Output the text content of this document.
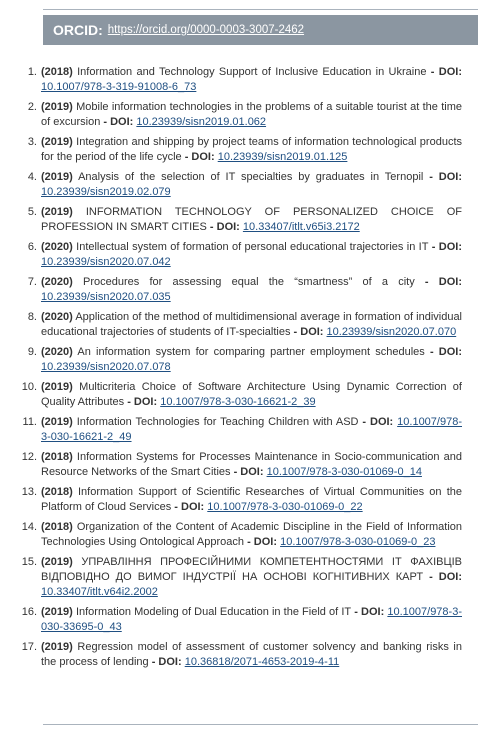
ORCID: https://orcid.org/0000-0003-3007-2462
1. (2018) Information and Technology Support of Inclusive Education in Ukraine - DOI: 10.1007/978-3-319-91008-6_73
2. (2019) Mobile information technologies in the problems of a suitable tourist at the time of excursion - DOI: 10.23939/sisn2019.01.062
3. (2019) Integration and shipping by project teams of information technological products for the period of the life cycle - DOI: 10.23939/sisn2019.01.125
4. (2019) Analysis of the selection of IT specialties by graduates in Ternopil - DOI: 10.23939/sisn2019.02.079
5. (2019) INFORMATION TECHNOLOGY OF PERSONALIZED CHOICE OF PROFESSION IN SMART CITIES - DOI: 10.33407/itlt.v65i3.2172
6. (2020) Intellectual system of formation of personal educational trajectories in IT - DOI: 10.23939/sisn2020.07.042
7. (2020) Procedures for assessing equal the “smartness” of a city - DOI: 10.23939/sisn2020.07.035
8. (2020) Application of the method of multidimensional average in formation of individual educational trajectories of students of IT-specialties - DOI: 10.23939/sisn2020.07.070
9. (2020) An information system for comparing partner employment schedules - DOI: 10.23939/sisn2020.07.078
10. (2019) Multicriteria Choice of Software Architecture Using Dynamic Correction of Quality Attributes - DOI: 10.1007/978-3-030-16621-2_39
11. (2019) Information Technologies for Teaching Children with ASD - DOI: 10.1007/978-3-030-16621-2_49
12. (2018) Information Systems for Processes Maintenance in Socio-communication and Resource Networks of the Smart Cities - DOI: 10.1007/978-3-030-01069-0_14
13. (2018) Information Support of Scientific Researches of Virtual Communities on the Platform of Cloud Services - DOI: 10.1007/978-3-030-01069-0_22
14. (2018) Organization of the Content of Academic Discipline in the Field of Information Technologies Using Ontological Approach - DOI: 10.1007/978-3-030-01069-0_23
15. (2019) УПРАВЛІННЯ ПРОФЕСІЙНИМИ КОМПЕТЕНТНОСТЯМИ ІТ ФАХІВЦІВ ВІДПОВІДНО ДО ВИМОГ ІНДУСТРІЇ НА ОСНОВІ КОГНІТИВНИХ КАРТ - DOI: 10.33407/itlt.v64i2.2002
16. (2019) Information Modeling of Dual Education in the Field of IT - DOI: 10.1007/978-3-030-33695-0_43
17. (2019) Regression model of assessment of customer solvency and banking risks in the process of lending - DOI: 10.36818/2071-4653-2019-4-11
